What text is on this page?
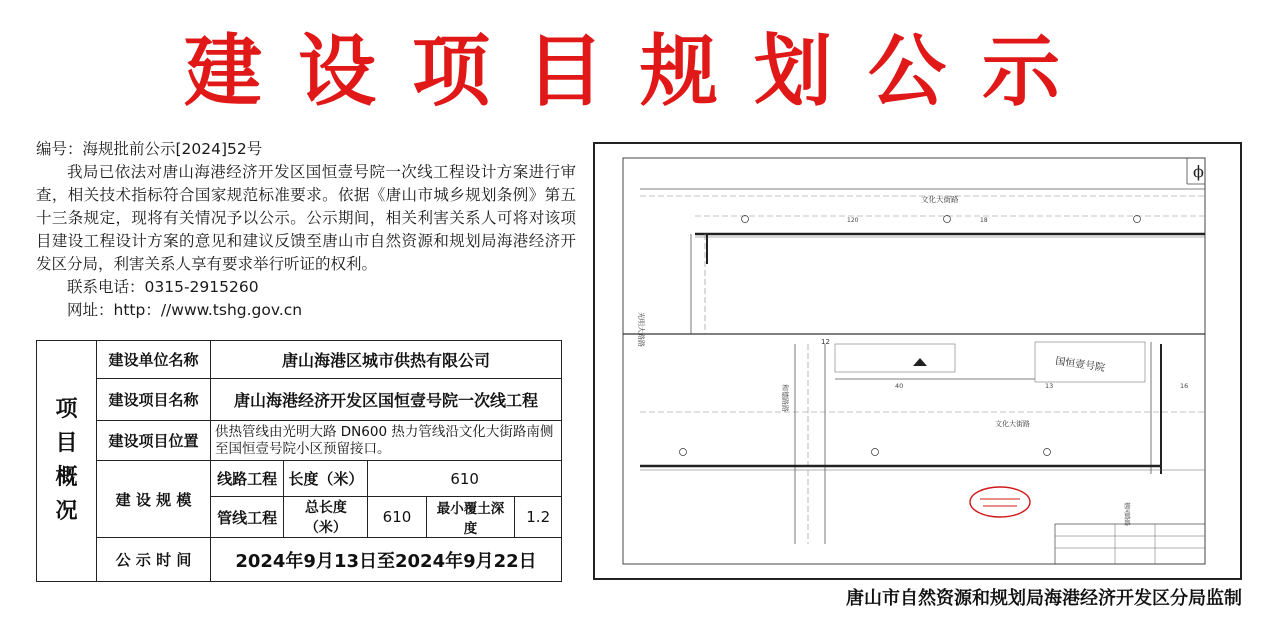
建设项目规划公示
编号：海规批前公示[2024]52号
我局已依法对唐山海港经济开发区国恒壹号院一次线工程设计方案进行审查，相关技术指标符合国家规范标准要求。依据《唐山市城乡规划条例》第五十三条规定，现将有关情况予以公示。公示期间，相关利害关系人可将对该项目建设工程设计方案的意见和建议反馈至唐山市自然资源和规划局海港经济开发区分局，利害关系人享有要求举行听证的权利。
联系电话：0315-2915260
网址：http：//www.tshg.gov.cn
项目概况	建设单位名称	唐山海港区城市供热有限公司				
	建设项目名称	唐山海港经济开发区国恒壹号院一次线工程				
	建设项目位置	供热管线由光明大路 DN600 热力管线沿文化大街路南侧至国恒壹号院小区预留接口。				
	建 设 规 模	线路工程	长度（米）	610		
		管线工程	总长度（米）	610	最小覆土深度	1.2
	公 示 时 间	2024年9月13日至2024年9月22日				
ϕ
文化大街路
120	18
光明大路路
和德路路
12
40	13	16
国恒壹号院
文化大街路
禧同路路
唐山市自然资源和规划局海港经济开发区分局监制
